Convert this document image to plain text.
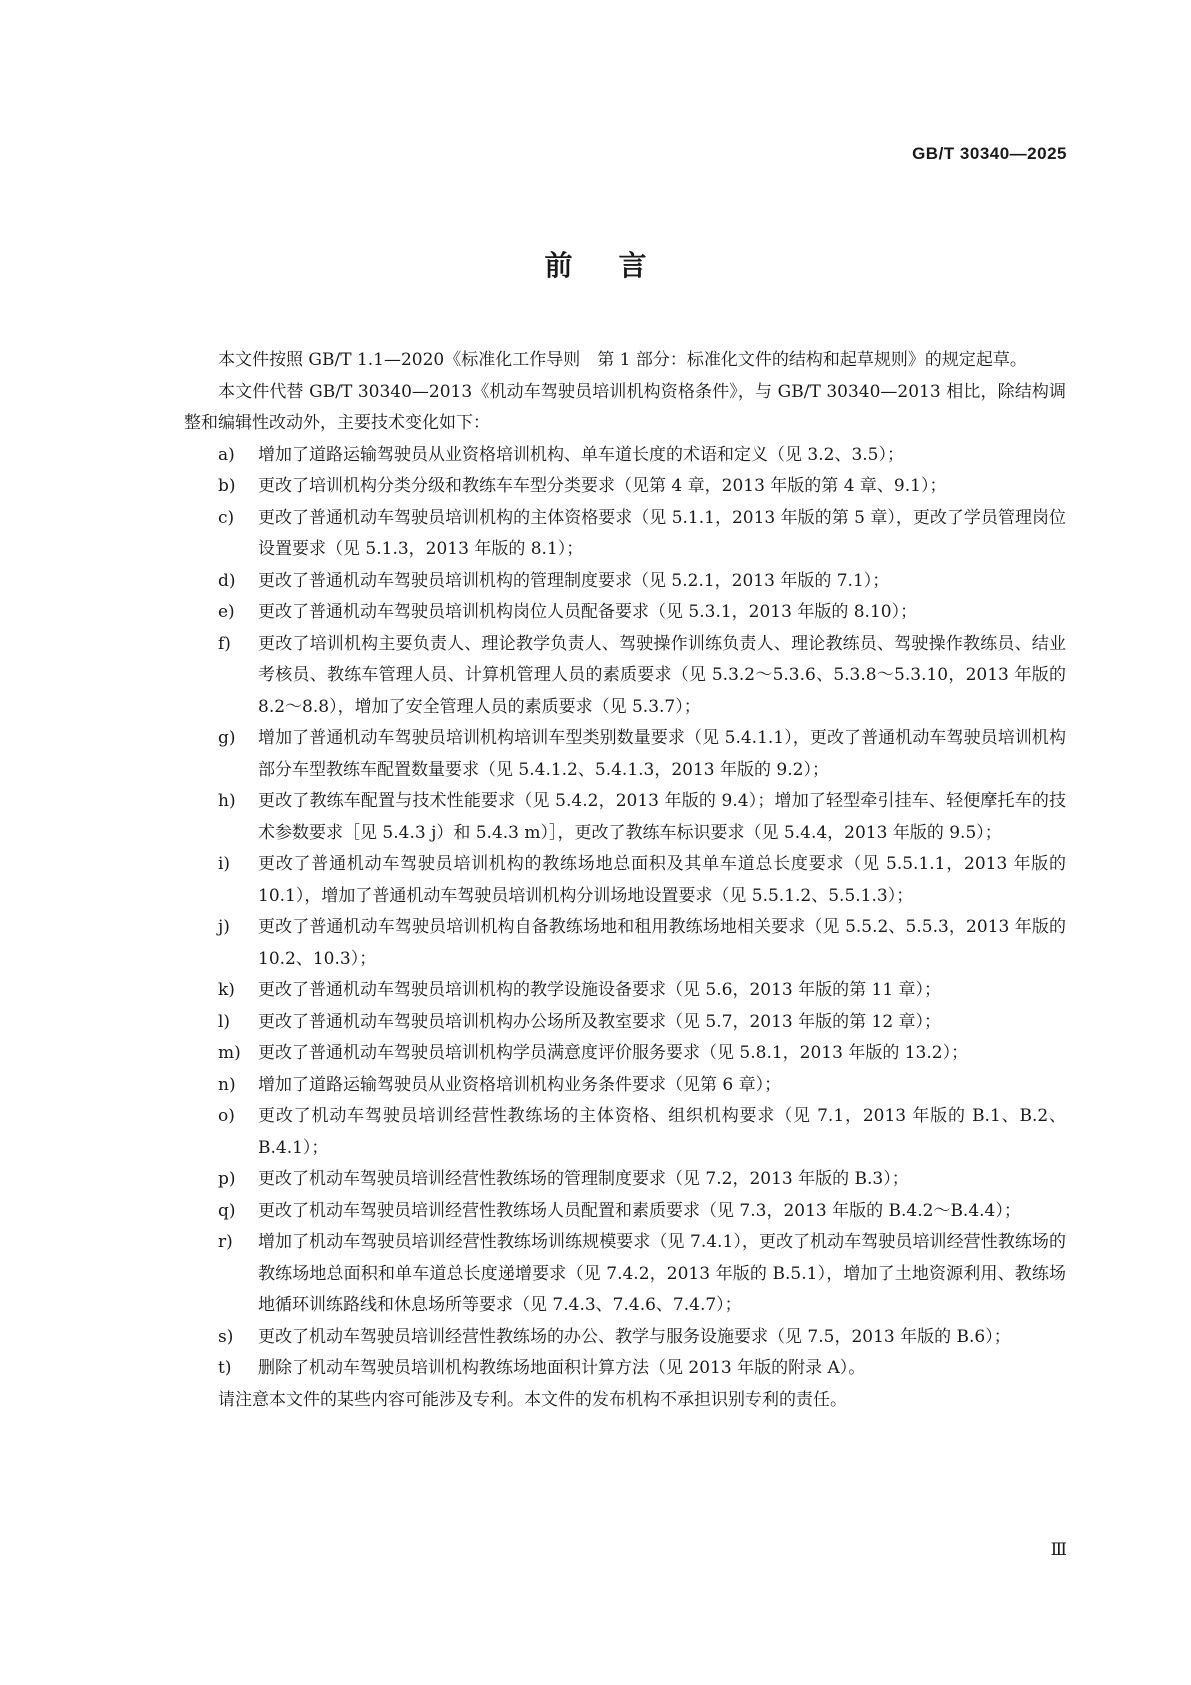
GB/T 30340—2025
前言

本文件按照 GB/T 1.1—2020《标准化工作导则　第 1 部分：标准化文件的结构和起草规则》的规定起草。

本文件代替 GB/T 30340—2013《机动车驾驶员培训机构资格条件》，与 GB/T 30340—2013 相比，除结构调整和编辑性改动外，主要技术变化如下：

a)	增加了道路运输驾驶员从业资格培训机构、单车道长度的术语和定义（见 3.2、3.5）；
b)	更改了培训机构分类分级和教练车车型分类要求（见第 4 章，2013 年版的第 4 章、9.1）；
c)	更改了普通机动车驾驶员培训机构的主体资格要求（见 5.1.1，2013 年版的第 5 章），更改了学员管理岗位设置要求（见 5.1.3，2013 年版的 8.1）；
d)	更改了普通机动车驾驶员培训机构的管理制度要求（见 5.2.1，2013 年版的 7.1）；
e)	更改了普通机动车驾驶员培训机构岗位人员配备要求（见 5.3.1，2013 年版的 8.10）；
f)	更改了培训机构主要负责人、理论教学负责人、驾驶操作训练负责人、理论教练员、驾驶操作教练员、结业考核员、教练车管理人员、计算机管理人员的素质要求（见 5.3.2～5.3.6、5.3.8～5.3.10，2013 年版的 8.2～8.8），增加了安全管理人员的素质要求（见 5.3.7）；
g)	增加了普通机动车驾驶员培训机构培训车型类别数量要求（见 5.4.1.1），更改了普通机动车驾驶员培训机构部分车型教练车配置数量要求（见 5.4.1.2、5.4.1.3，2013 年版的 9.2）；
h)	更改了教练车配置与技术性能要求（见 5.4.2，2013 年版的 9.4）；增加了轻型牵引挂车、轻便摩托车的技术参数要求［见 5.4.3 j）和 5.4.3 m）］，更改了教练车标识要求（见 5.4.4，2013 年版的 9.5）；
i)	更改了普通机动车驾驶员培训机构的教练场地总面积及其单车道总长度要求（见 5.5.1.1，2013 年版的 10.1），增加了普通机动车驾驶员培训机构分训场地设置要求（见 5.5.1.2、5.5.1.3）；
j)	更改了普通机动车驾驶员培训机构自备教练场地和租用教练场地相关要求（见 5.5.2、5.5.3，2013 年版的 10.2、10.3）；
k)	更改了普通机动车驾驶员培训机构的教学设施设备要求（见 5.6，2013 年版的第 11 章）；
l)	更改了普通机动车驾驶员培训机构办公场所及教室要求（见 5.7，2013 年版的第 12 章）；
m)	更改了普通机动车驾驶员培训机构学员满意度评价服务要求（见 5.8.1，2013 年版的 13.2）；
n)	增加了道路运输驾驶员从业资格培训机构业务条件要求（见第 6 章）；
o)	更改了机动车驾驶员培训经营性教练场的主体资格、组织机构要求（见 7.1，2013 年版的 B.1、B.2、B.4.1）；
p)	更改了机动车驾驶员培训经营性教练场的管理制度要求（见 7.2，2013 年版的 B.3）；
q)	更改了机动车驾驶员培训经营性教练场人员配置和素质要求（见 7.3，2013 年版的 B.4.2～B.4.4）；
r)	增加了机动车驾驶员培训经营性教练场训练规模要求（见 7.4.1），更改了机动车驾驶员培训经营性教练场的教练场地总面积和单车道总长度递增要求（见 7.4.2，2013 年版的 B.5.1），增加了土地资源利用、教练场地循环训练路线和休息场所等要求（见 7.4.3、7.4.6、7.4.7）；
s)	更改了机动车驾驶员培训经营性教练场的办公、教学与服务设施要求（见 7.5，2013 年版的 B.6）；
t)	删除了机动车驾驶员培训机构教练场地面积计算方法（见 2013 年版的附录 A）。

请注意本文件的某些内容可能涉及专利。本文件的发布机构不承担识别专利的责任。

Ⅲ
